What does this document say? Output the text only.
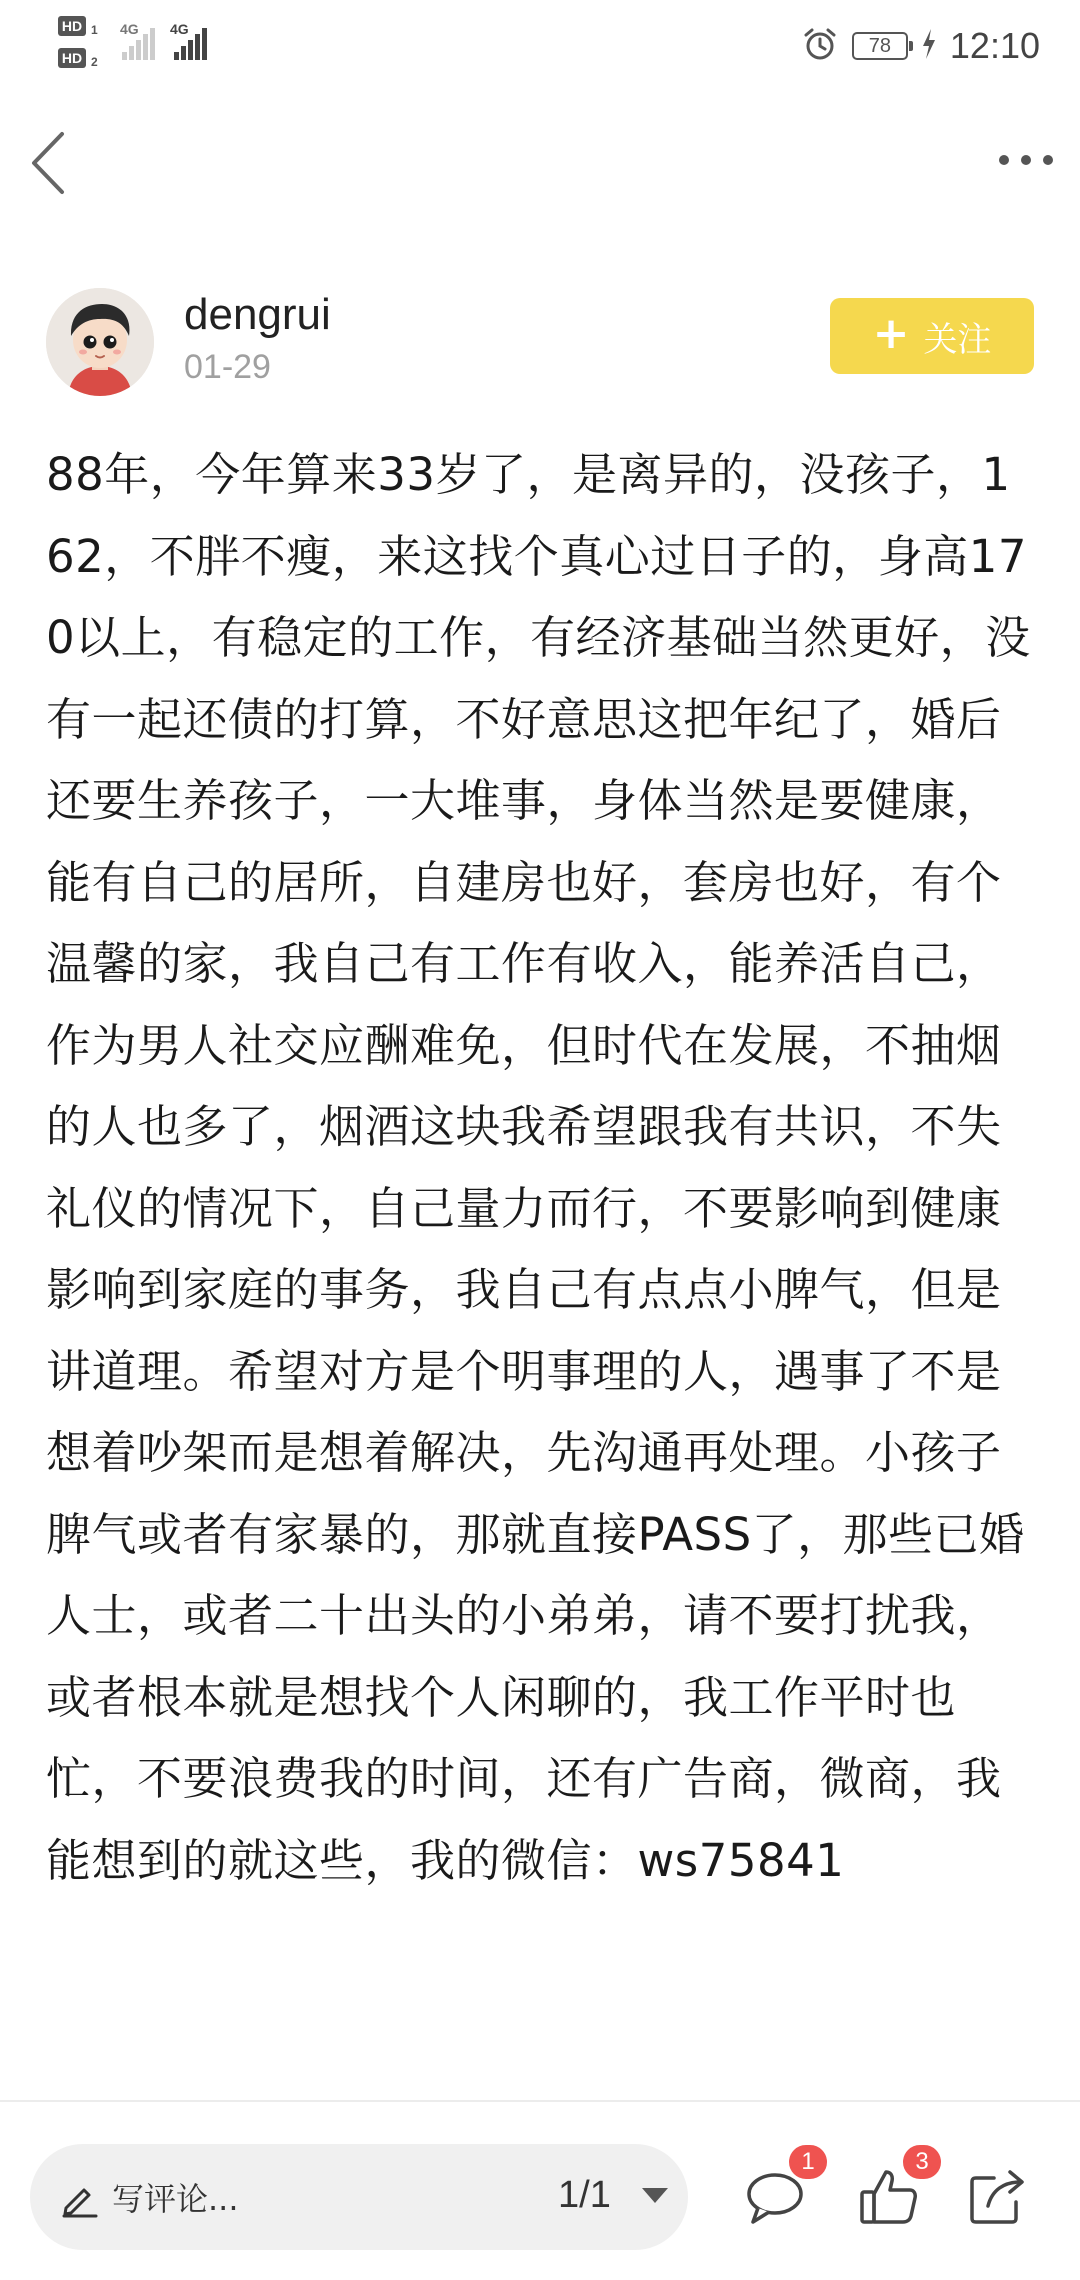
HD 1
HD 2
4G 4G
78 12:10
dengrui
01-29
+ 关注
88年，今年算来33岁了，是离异的，没孩子，162，不胖不瘦，来这找个真心过日子的，身高170以上，有稳定的工作，有经济基础当然更好，没有一起还债的打算，不好意思这把年纪了，婚后还要生养孩子，一大堆事，身体当然是要健康，能有自己的居所，自建房也好，套房也好，有个温馨的家，我自己有工作有收入，能养活自己，作为男人社交应酬难免，但时代在发展，不抽烟的人也多了，烟酒这块我希望跟我有共识，不失礼仪的情况下，自己量力而行，不要影响到健康影响到家庭的事务，我自己有点点小脾气，但是讲道理。希望对方是个明事理的人，遇事了不是想着吵架而是想着解决，先沟通再处理。小孩子脾气或者有家暴的，那就直接PASS了，那些已婚人士，或者二十出头的小弟弟，请不要打扰我，或者根本就是想找个人闲聊的，我工作平时也忙，不要浪费我的时间，还有广告商，微商，我能想到的就这些，我的微信：ws75841
写评论...	1/1
1	3
